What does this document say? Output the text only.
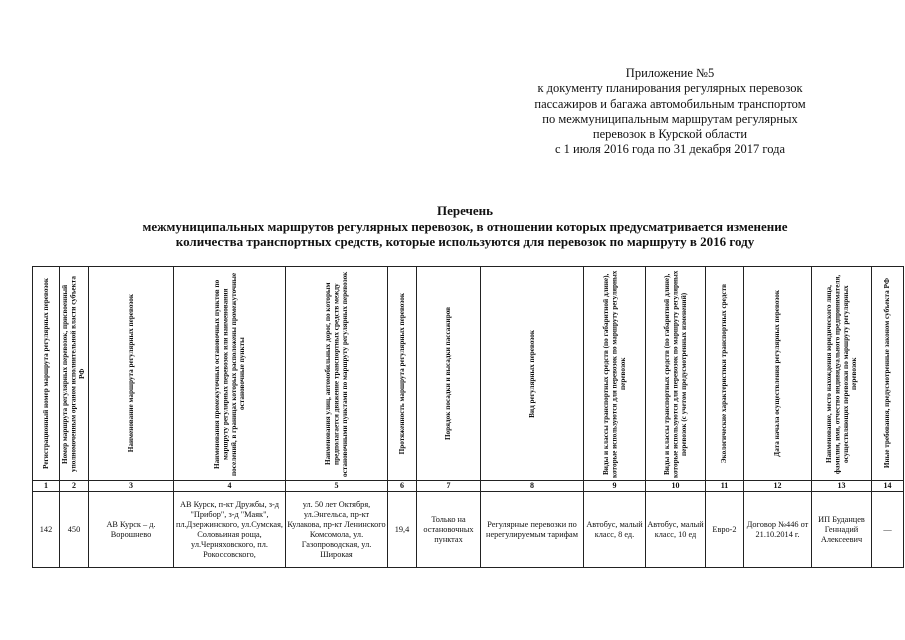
Приложение №5
к документу планирования регулярных перевозок
пассажиров и багажа автомобильным транспортом
по межмуниципальным маршрутам регулярных
перевозок в Курской области
с 1 июля 2016 года по 31 декабря 2017 года
Перечень
межмуниципальных маршрутов регулярных перевозок, в отношении которых предусматривается изменение
количества транспортных средств, которые используются для перевозок по маршруту в 2016 году
Регистрационный номер маршрута регулярных перевозок	Номер маршрута регулярных перевозок, присвоенный уполномоченным органом исполнительной власти субъекта РФ	Наименование маршрута регулярных перевозок	Наименования промежуточных остановочных пунктов по маршруту регулярных перевозок или наименования поселений, в границах которых расположены промежуточные остановочные пункты	Наименования улиц, автомобильных дорог, по которым предполагается движение транспортных средств между остановочными пунктами по маршруту регулярных перевозок	Протяженность маршрута регулярных перевозок	Порядок посадки и высадки пассажиров	Вид регулярных перевозок	Виды и классы транспортных средств (по габаритной длине), которые используются для перевозок по маршруту регулярных перевозок	Виды и классы транспортных средств (по габаритной длине), которые используются для перевозок по маршруту регулярных перевозок (с учетом предусмотренных изменений)	Экологические характеристики транспортных средств	Дата начала осуществления регулярных перевозок	Наименование, место нахождения юридического лица, фамилия, имя, отчество индивидуального предпринимателя, осуществляющих перевозки по маршруту регулярных перевозок	Иные требования, предусмотренные законом субъекта РФ

1	2	3	4	5	6	7	8	9	10	11	12	13	14
142	450	АВ Курск – д. Ворошнево	АВ Курск, п-кт Дружбы, з-д "Прибор", з-д "Маяк", пл.Дзержинского, ул.Сумская, Соловьиная роща, ул.Черняховского, пл. Рокоссовского,	ул. 50 лет Октября, ул.Энгельса, пр-кт Кулакова, пр-кт Ленинского Комсомола, ул. Газопроводская, ул. Широкая	19,4	Только на остановочных пунктах	Регулярные перевозки по нерегулируемым тарифам	Автобус, малый класс, 8 ед.	Автобус, малый класс, 10 ед	Евро-2	Договор №446 от 21.10.2014 г.	ИП Буданцев Геннадий Алексеевич	—
